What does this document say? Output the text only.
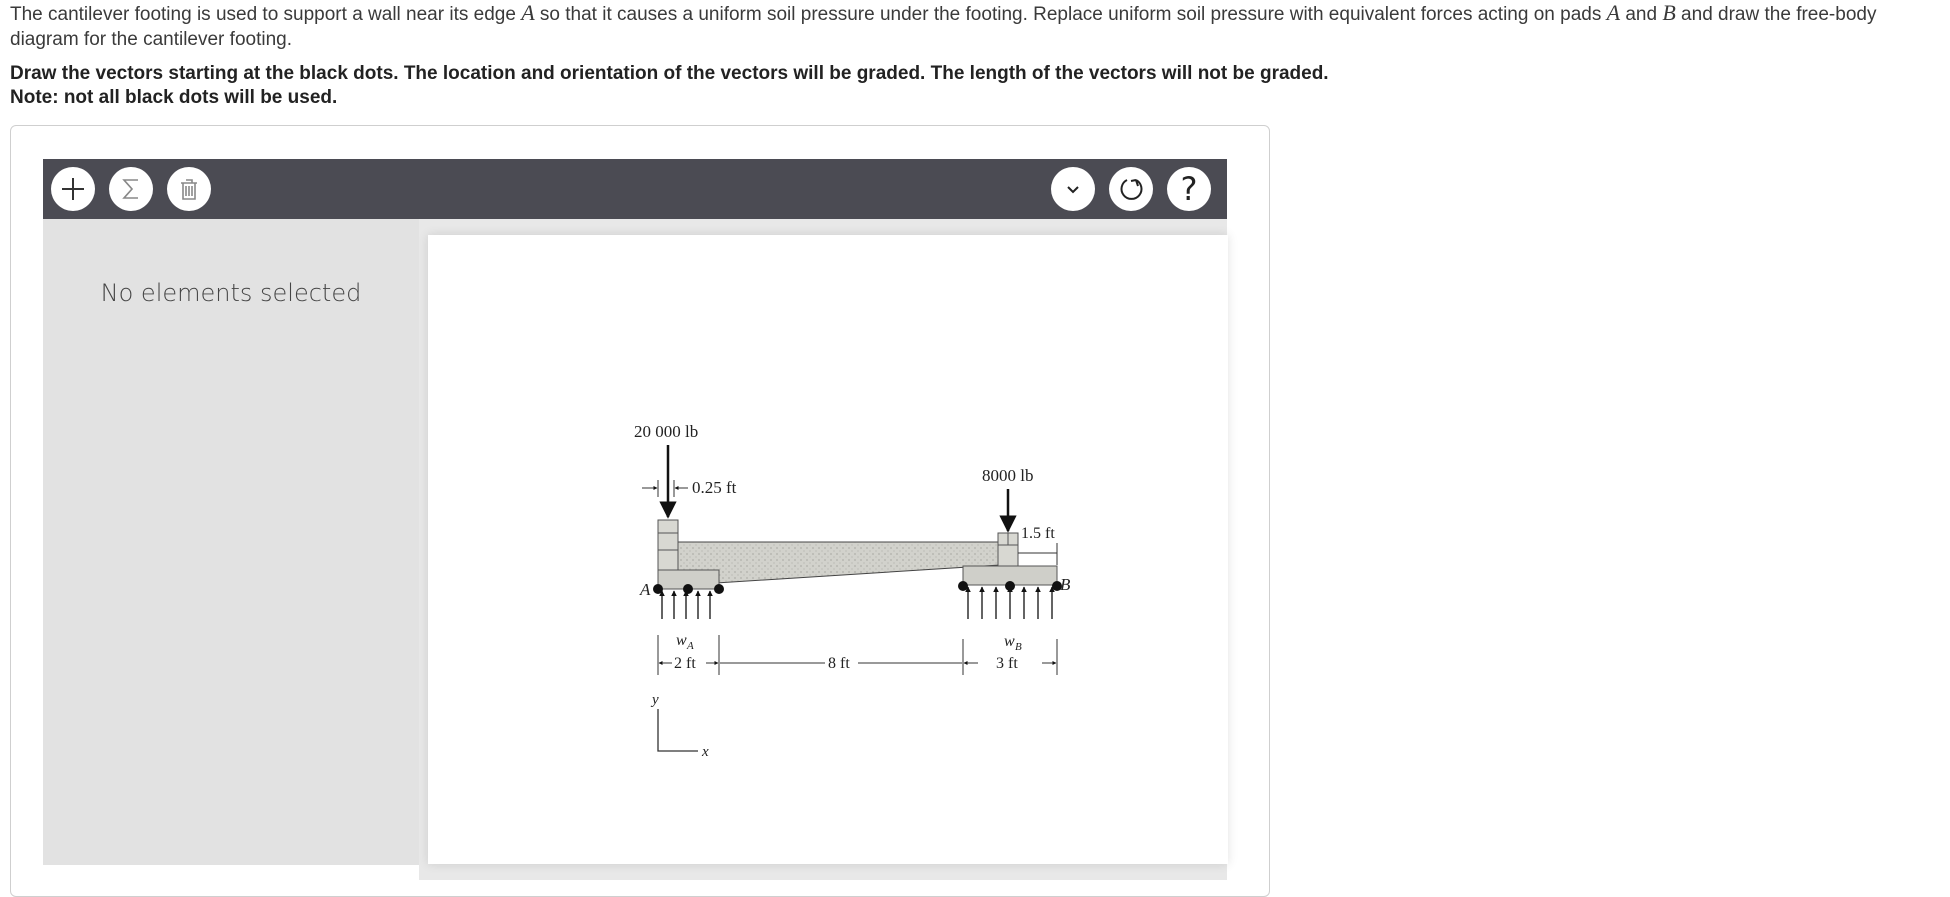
The cantilever footing is used to support a wall near its edge A so that it causes a uniform soil pressure under the footing. Replace uniform soil pressure with equivalent forces acting on pads A and B and draw the free-body diagram for the cantilever footing.
Draw the vectors starting at the black dots. The location and orientation of the vectors will be graded. The length of the vectors will not be graded.
Note: not all black dots will be used.
?
No elements selected
20 000 lb
8000 lb
0.25 ft
1.5 ft
A	B
w A	w B
2 ft	8 ft	3 ft
y
x
